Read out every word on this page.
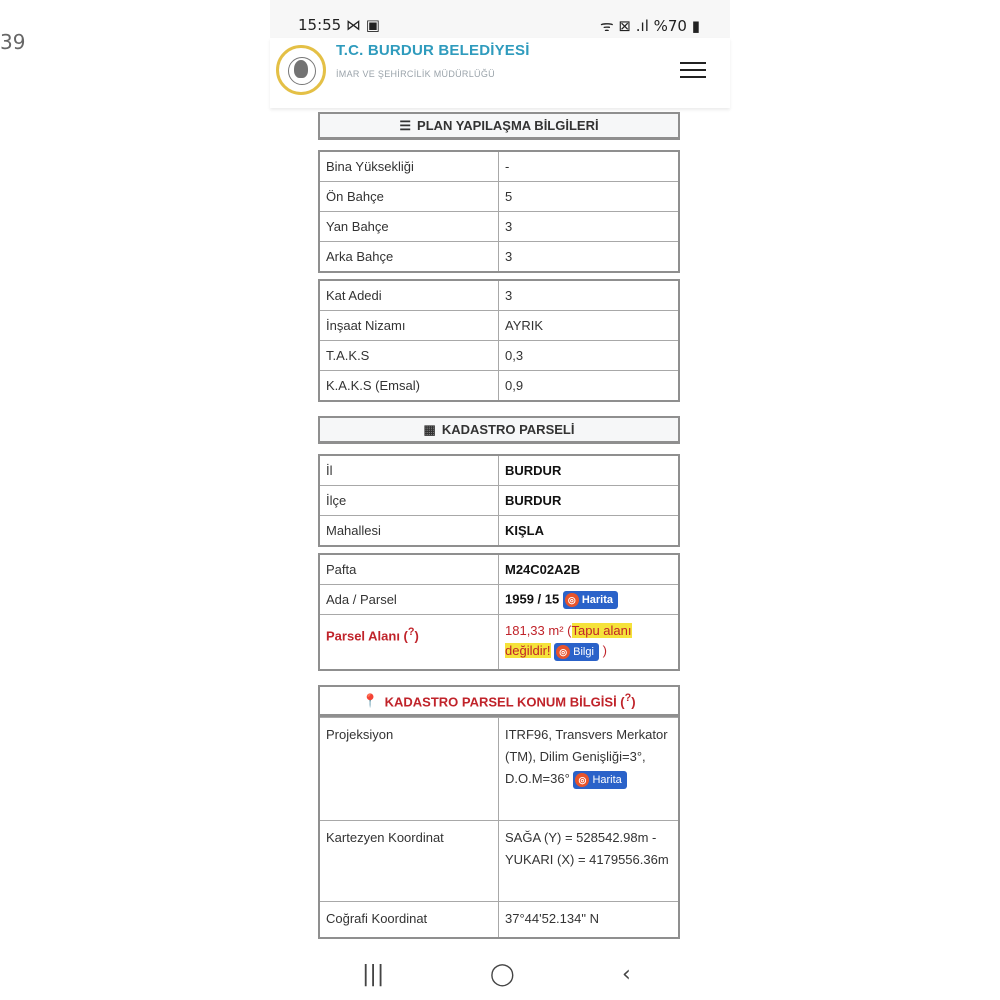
39
15:55 ⋈ ▣	ᯤ ⊠ .ıl %70 ▮
T.C. BURDUR BELEDİYESİ
İMAR VE ŞEHİRCİLİK MÜDÜRLÜĞÜ
☰ PLAN YAPILAŞMA BİLGİLERİ
Bina Yüksekliği	-
Ön Bahçe	5
Yan Bahçe	3
Arka Bahçe	3
Kat Adedi	3
İnşaat Nizamı	AYRIK
T.A.K.S	0,3
K.A.K.S (Emsal)	0,9
▦ KADASTRO PARSELİ
İl	BURDUR
İlçe	BURDUR
Mahallesi	KIŞLA
Pafta	M24C02A2B
Ada / Parsel	1959 / 15 ◎ Harita

Parsel Alanı (?)	181,33 m² (Tapu alanı değildir! ◎ Bilgi )
📍 KADASTRO PARSEL KONUM BİLGİSİ (?)
Projeksiyon	ITRF96, Transvers Merkator (TM), Dilim Genişliği=3°, D.O.M=36° ◎ Harita

Kartezyen Koordinat	SAĞA (Y) = 528542.98m - YUKARI (X) = 4179556.36m
Coğrafi Koordinat	37°44'52.134" N
|||	◯	‹
